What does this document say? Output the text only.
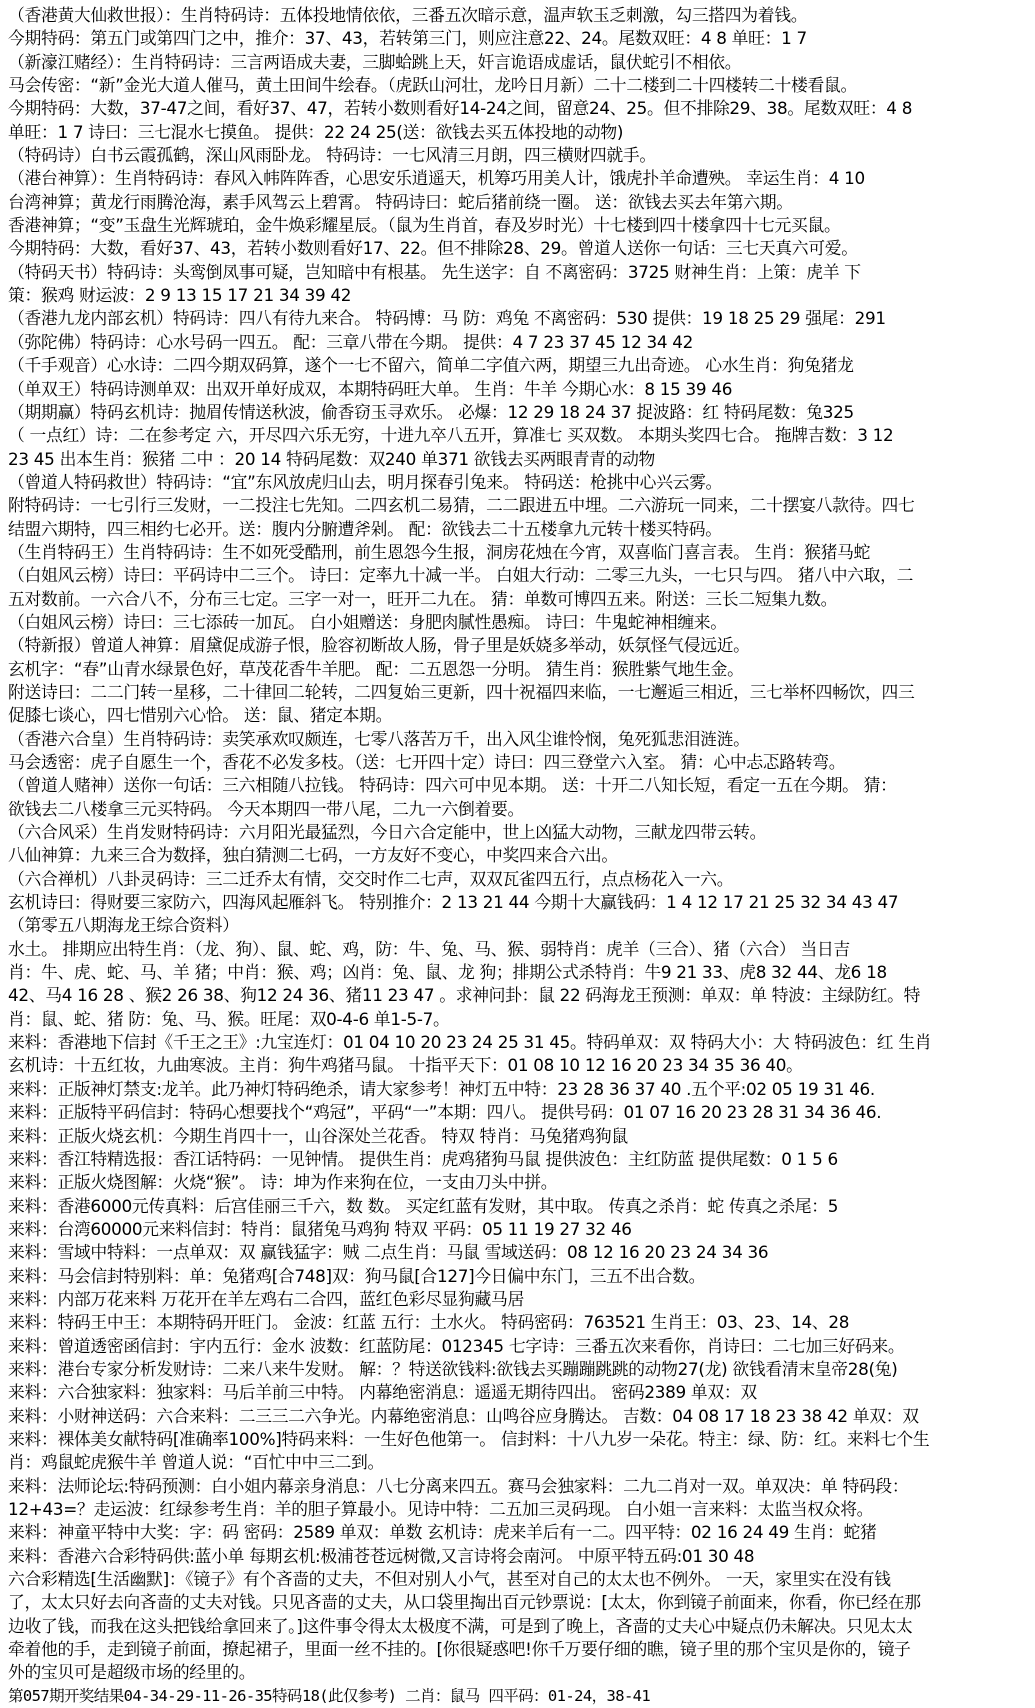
（香港黄大仙救世报）：生肖特码诗：五体投地情依依，三番五次暗示意，温声软玉乏刺激，勾三搭四为着钱。
今期特码：第五门或第四门之中，推介：37、43，若转第三门，则应注意22、24。尾数双旺：4 8 单旺：1 7
（新濠江赌经）：生肖特码诗：三言两语成夫妻，三脚蛤跳上天，奸言诡语成虚话，鼠伏蛇引不相依。
马会传密：“新”金光大道人催马，黄土田间牛绘春。（虎跃山河壮，龙吟日月新）二十二楼到二十四楼转二十楼看鼠。
今期特码：大数，37-47之间，看好37、47，若转小数则看好14-24之间，留意24、25。但不排除29、38。尾数双旺：4 8
单旺：1 7 诗曰：三七混水七摸鱼。 提供：22 24 25(送：欲钱去买五体投地的动物)
（特码诗）白书云霞孤鹤，深山风雨卧龙。 特码诗：一七风清三月朗，四三横财四就手。
（港台神算）：生肖特码诗：春风入帏阵阵香，心思安乐逍遥天，机筹巧用美人计，饿虎扑羊命遭殃。 幸运生肖：4 10
台湾神算；黄龙行雨腾沧海，素手风驾云上碧霄。 特码诗曰：蛇后猪前绕一圈。 送：欲钱去买去年第六期。
香港神算；“变”玉盘生光辉琥珀，金牛焕彩耀星辰。（鼠为生肖首，春及岁时光）十七楼到四十楼拿四十七元买鼠。
今期特码：大数，看好37、43，若转小数则看好17、22。但不排除28、29。曾道人送你一句话：三七天真六可爱。
（特码天书）特码诗：头鸾倒凤事可疑，岂知暗中有根基。 先生送字：自 不离密码：3725 财神生肖：上策：虎羊 下
策：猴鸡 财运波：2 9 13 15 17 21 34 39 42
（香港九龙内部玄机）特码诗：四八有待九来合。 特码博：马 防：鸡兔 不离密码：530 提供：19 18 25 29 强尾：291
（弥陀佛）特码诗：心水号码一四五。 配：三章八带在今期。 提供：4 7 23 37 45 12 34 42
（千手观音）心水诗：二四今期双码算，遂个一七不留六，简单二字值六两，期望三九出奇迹。 心水生肖：狗兔猪龙
（单双王）特码诗测单双：出双开单好成双，本期特码旺大单。 生肖：牛羊 今期心水：8 15 39 46
（期期赢）特码玄机诗：抛眉传情送秋波，偷香窃玉寻欢乐。 必爆：12 29 18 24 37 捉波路：红 特码尾数：兔325
（ 一点红）诗：二在参考定 六，开尽四六乐无穷，十进九卒八五开，算准七 买双数。 本期头奖四七合。 拖牌吉数：3 12
23 45 出本生肖：猴猪 二中 ：20 14 特码尾数：双240 单371 欲钱去买两眼青青的动物
（曾道人特码救世）特码诗：“宜”东风放虎归山去，明月探春引兔来。 特码送：枪挑中心兴云雾。
附特码诗：一七引行三发财，一二投注七先知。二四玄机二易猜，二二跟进五中埋。二六游玩一同来，二十摆宴八款待。四七
结盟六期特，四三相约七必开。送：腹内分腑遭斧剁。 配：欲钱去二十五楼拿九元转十楼买特码。
（生肖特码王）生肖特码诗：生不如死受酷刑，前生恩怨今生报，洞房花烛在今宵，双喜临门喜言表。 生肖：猴猪马蛇
（白姐风云榜）诗曰：平码诗中二三个。 诗曰：定率九十减一半。 白姐大行动：二零三九头，一七只与四。 猪八中六取，二
五对数前。一六合八不，分布三七定。三字一对一，旺开二九在。 猜：单数可博四五来。附送：三长二短集九数。
（白姐风云榜）诗曰：三七添砖一加瓦。 白小姐赠送：身肥肉腻性愚痴。 诗曰：牛鬼蛇神相缠来。
（特新报）曾道人神算：眉黛促成游子恨，脸容初断故人肠，骨子里是妖娆多举动，妖氛怪气侵远近。
玄机字：“春”山青水绿景色好，草茂花香牛羊肥。 配：二五恩怨一分明。 猜生肖：猴胜紫气地生金。
附送诗曰：二二门转一星移，二十律回二轮转，二四复始三更新，四十祝福四来临，一七邂逅三相近，三七举杯四畅饮，四三
促膝七谈心，四七惜别六心恰。 送：鼠、猪定本期。
（香港六合皇）生肖特码诗：卖笑承欢叹颇连，七零八落苦万千，出入风尘谁怜悯，兔死狐悲泪涟涟。
马会透密：虎子自愿生一个，香花不必发多枝。（送：七开四十定）诗曰：四三登堂六入室。 猜：心中忐忑路转弯。
（曾道人赌神）送你一句话：三六相随八拉钱。 特码诗：四六可中见本期。 送：十开二八知长短，看定一五在今期。 猜：
欲钱去二八楼拿三元买特码。 今天本期四一带八尾，二九一六倒着要。
（六合风采）生肖发财特码诗：六月阳光最猛烈，今日六合定能中，世上凶猛大动物，三献龙四带云转。
八仙神算：九来三合为数择，独白猜测二七码，一方友好不变心，中奖四来合六出。
（六合禅机）八卦灵码诗：三二迁乔太有情，交交时作二七声，双双瓦雀四五行，点点杨花入一六。
玄机诗曰：得财要三家防六，四海风起雁斜飞。 特别推介：2 13 21 44 今期十大赢钱码：1 4 12 17 21 25 32 34 43 47
（第零五八期海龙王综合资料）
水土。 排期应出特生肖：（龙、狗）、鼠、蛇、鸡，防：牛、兔、马、猴、弱特肖：虎羊（三合）、猪（六合） 当日吉
肖：牛、虎、蛇、马、羊 猪；中肖：猴、鸡；凶肖：兔、鼠、龙 狗；排期公式杀特肖：牛9 21 33、虎8 32 44、龙6 18
42、马4 16 28 、猴2 26 38、狗12 24 36、猪11 23 47 。求神问卦：鼠 22 码海龙王预测：单双：单 特波：主绿防红。特
肖：鼠、蛇、猪 防：兔、马、猴。旺尾：双0-4-6 单1-5-7。
来料：香港地下信封《千王之王》:九宝连灯：01 04 10 20 23 24 25 31 45。特码单双：双 特码大小：大 特码波色：红 生肖
玄机诗：十五红妆，九曲寒波。主肖：狗牛鸡猪马鼠。 十指平天下：01 08 10 12 16 20 23 34 35 36 40。
来料：正版神灯禁支:龙羊。此乃神灯特码绝杀，请大家参考！神灯五中特：23 28 36 37 40 .五个平:02 05 19 31 46.
来料：正版特平码信封：特码心想要找个“鸡冠”，平码“一”本期：四八。 提供号码：01 07 16 20 23 28 31 34 36 46.
来料：正版火烧玄机：今期生肖四十一，山谷深处兰花香。 特双 特肖：马兔猪鸡狗鼠
来料：香江特精选报：香江话特码：一见钟情。 提供生肖：虎鸡猪狗马鼠 提供波色：主红防蓝 提供尾数：0 1 5 6
来料：正版火烧图解：火烧“猴”。 诗：坤为作来狗在位，一支由刀头中拼。
来料：香港6000元传真料：后宫佳丽三千六，数 数。 买定红蓝有发财，其中取。 传真之杀肖：蛇 传真之杀尾：5
来料：台湾60000元来料信封：特肖：鼠猪兔马鸡狗 特双 平码：05 11 19 27 32 46
来料：雪域中特料：一点单双：双 赢钱猛字：贼 二点生肖：马鼠 雪域送码：08 12 16 20 23 24 34 36
来料：马会信封特别料：单：兔猪鸡[合748]双：狗马鼠[合127]今日偏中东门，三五不出合数。
来料：内部万花来料 万花开在羊左鸡右二合四，蓝红色彩尽显狗藏马居
来料：特码王中王：本期特码开旺门。 金波：红蓝 五行：土水火。 特码密码：763521 生肖王：03、23、14、28
来料：曾道透密函信封：宇内五行：金水 波数：红蓝防尾：012345 七字诗：三番五次来看你，肖诗曰：二七加三好码来。
来料：港台专家分析发财诗：二来八来牛发财。 解：？特送欲钱料:欲钱去买蹦蹦跳跳的动物27(龙) 欲钱看清末皇帝28(兔)
来料：六合独家料：独家料：马后羊前三中特。 内幕绝密消息：遥遥无期待四出。 密码2389 单双：双
来料：小财神送码：六合来料：二三三二六争光。内幕绝密消息：山鸣谷应身腾达。 吉数：04 08 17 18 23 38 42 单双：双
来料：裸体美女献特码[准确率100%]特码来料：一生好色他第一。 信封料：十八九岁一朵花。特主：绿、防：红。来料七个生
肖：鸡鼠蛇虎猴牛羊 曾道人说：“百忙中中三二到。
来料：法师论坛:特码预测：白小姐内幕亲身消息：八七分离来四五。赛马会独家料：二九二肖对一双。单双决：单 特码段：
12+43=？走运波：红绿参考生肖：羊的胆子算最小。见诗中特：二五加三灵码现。 白小姐一言来料：太监当权众将。
来料：神童平特中大奖：字：码 密码：2589 单双：单数 玄机诗：虎来羊后有一二。四平特：02 16 24 49 生肖：蛇猪
来料：香港六合彩特码供:蓝小单 每期玄机:极浦苍苍远树微,又言诗将会南河。 中原平特五码:01 30 48
六合彩精选[生活幽默]：《镜子》有个吝啬的丈夫，不但对别人小气，甚至对自己的太太也不例外。 一天，家里实在没有钱
了，太太只好去向吝啬的丈夫对钱。只见吝啬的丈夫，从口袋里掏出百元钞票说：[太太，你到镜子前面来，你看，你已经在那
边收了钱，而我在这头把钱给拿回来了。]这件事令得太太极度不满，可是到了晚上，吝啬的丈夫心中疑点仍未解决。只见太太
牵着他的手，走到镜子前面，撩起裙子，里面一丝不挂的。[你很疑惑吧!你千万要仔细的瞧，镜子里的那个宝贝是你的，镜子
外的宝贝可是超级市场的经里的。
第057期开奖结果04-34-29-11-26-35特码18(此仅参考) 二肖：鼠马 四平码：01-24，38-41
